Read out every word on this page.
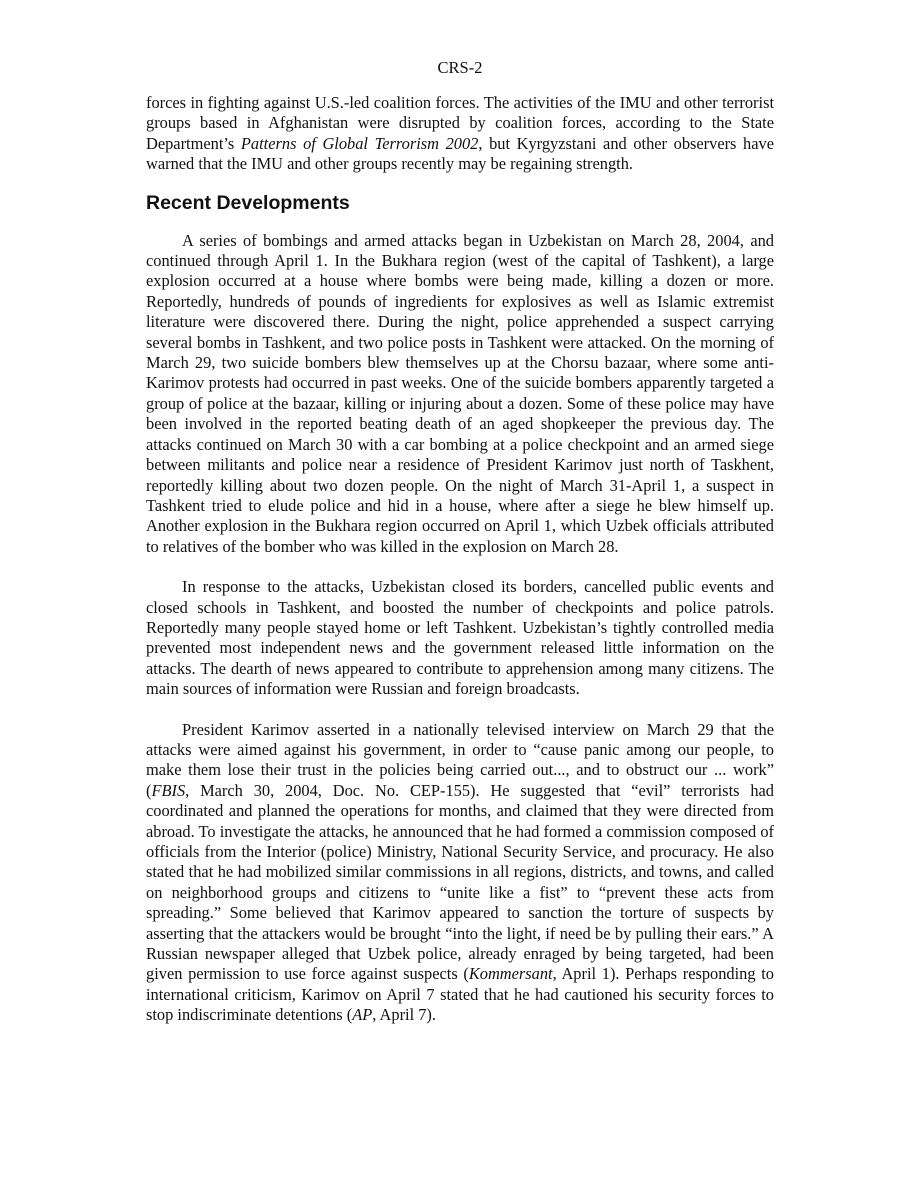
CRS-2

forces in fighting against U.S.-led coalition forces. The activities of the IMU and other terrorist groups based in Afghanistan were disrupted by coalition forces, according to the State Department’s Patterns of Global Terrorism 2002, but Kyrgyzstani and other observers have warned that the IMU and other groups recently may be regaining strength.

Recent Developments

A series of bombings and armed attacks began in Uzbekistan on March 28, 2004, and continued through April 1. In the Bukhara region (west of the capital of Tashkent), a large explosion occurred at a house where bombs were being made, killing a dozen or more. Reportedly, hundreds of pounds of ingredients for explosives as well as Islamic extremist literature were discovered there. During the night, police apprehended a suspect carrying several bombs in Tashkent, and two police posts in Tashkent were attacked. On the morning of March 29, two suicide bombers blew themselves up at the Chorsu bazaar, where some anti-Karimov protests had occurred in past weeks. One of the suicide bombers apparently targeted a group of police at the bazaar, killing or injuring about a dozen. Some of these police may have been involved in the reported beating death of an aged shopkeeper the previous day. The attacks continued on March 30 with a car bombing at a police checkpoint and an armed siege between militants and police near a residence of President Karimov just north of Taskhent, reportedly killing about two dozen people. On the night of March 31-April 1, a suspect in Tashkent tried to elude police and hid in a house, where after a siege he blew himself up. Another explosion in the Bukhara region occurred on April 1, which Uzbek officials attributed to relatives of the bomber who was killed in the explosion on March 28.

In response to the attacks, Uzbekistan closed its borders, cancelled public events and closed schools in Tashkent, and boosted the number of checkpoints and police patrols. Reportedly many people stayed home or left Tashkent. Uzbekistan’s tightly controlled media prevented most independent news and the government released little information on the attacks. The dearth of news appeared to contribute to apprehension among many citizens. The main sources of information were Russian and foreign broadcasts.

President Karimov asserted in a nationally televised interview on March 29 that the attacks were aimed against his government, in order to “cause panic among our people, to make them lose their trust in the policies being carried out..., and to obstruct our ... work” (FBIS, March 30, 2004, Doc. No. CEP-155). He suggested that “evil” terrorists had coordinated and planned the operations for months, and claimed that they were directed from abroad. To investigate the attacks, he announced that he had formed a commission composed of officials from the Interior (police) Ministry, National Security Service, and procuracy. He also stated that he had mobilized similar commissions in all regions, districts, and towns, and called on neighborhood groups and citizens to “unite like a fist” to “prevent these acts from spreading.” Some believed that Karimov appeared to sanction the torture of suspects by asserting that the attackers would be brought “into the light, if need be by pulling their ears.” A Russian newspaper alleged that Uzbek police, already enraged by being targeted, had been given permission to use force against suspects (Kommersant, April 1). Perhaps responding to international criticism, Karimov on April 7 stated that he had cautioned his security forces to stop indiscriminate detentions (AP, April 7).
